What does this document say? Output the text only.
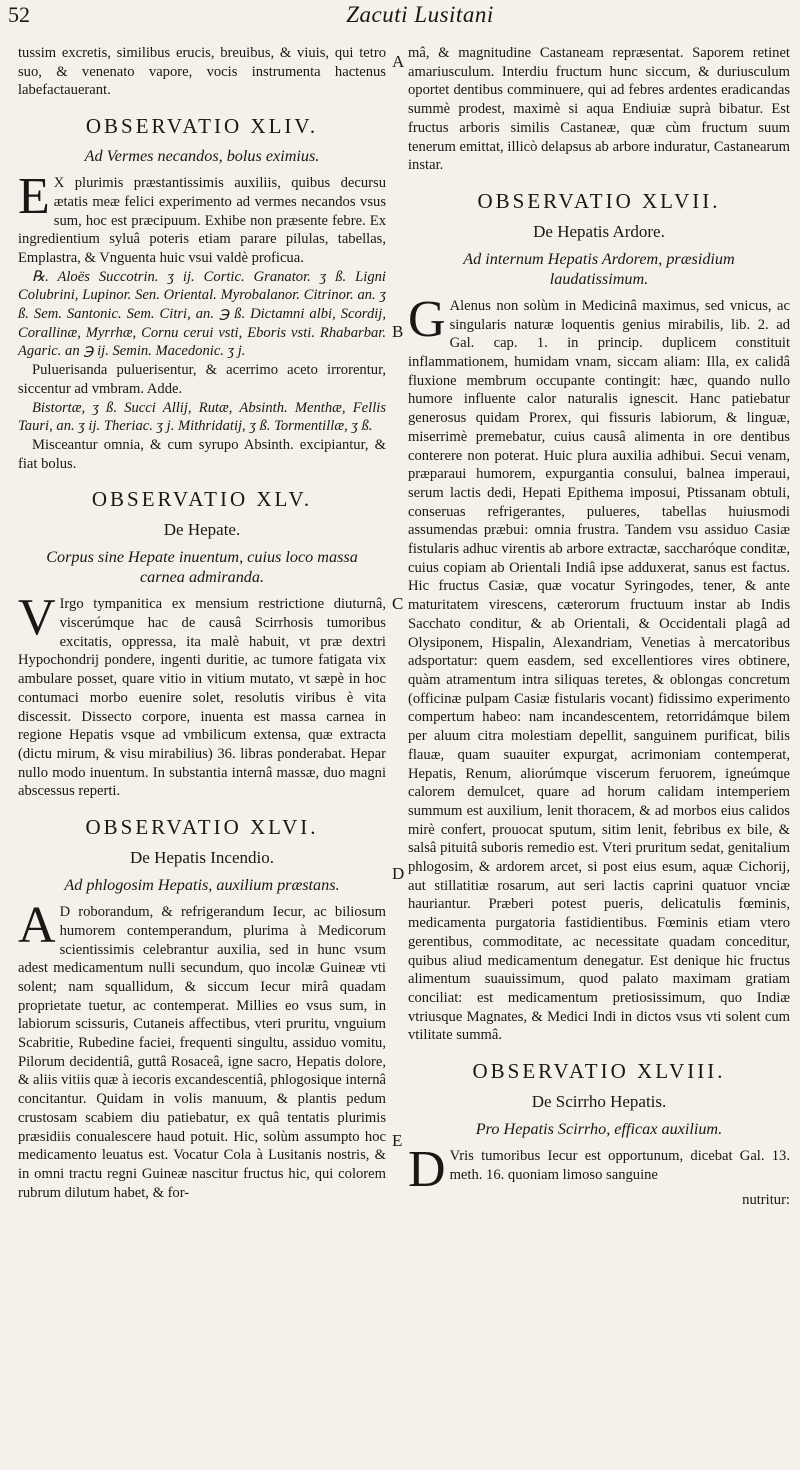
52	Zacuti Lusitani
A
B
C
D
E

tussim excretis, similibus erucis, breuibus, & viuis, qui tetro suo, & venenato vapore, vocis instrumenta hactenus labefactauerant.

OBSERVATIO XLIV.
Ad Vermes necandos, bolus eximius.

E X plurimis præstantissimis auxiliis, quibus decursu ætatis meæ felici experimento ad vermes necandos vsus sum, hoc est præcipuum. Exhibe non præsente febre. Ex ingredientium syluâ poteris etiam parare pilulas, tabellas, Emplastra, & Vnguenta huic vsui valdè proficua.

℞. Aloës Succotrin. ʒ ij. Cortic. Granator. ʒ ß. Ligni Colubrini, Lupinor. Sen. Oriental. Myrobalanor. Citrinor. an. ʒ ß. Sem. Santonic. Sem. Citri, an. ℈ ß. Dictamni albi, Scordij, Corallinæ, Myrrhæ, Cornu cerui vsti, Eboris vsti. Rhabarbar. Agaric. an ℈ ij. Semin. Macedonic. ʒ j.

Puluerisanda puluerisentur, & acerrimo aceto irrorentur, siccentur ad vmbram. Adde.

Bistortæ, ʒ ß. Succi Allij, Rutæ, Absinth. Menthæ, Fellis Tauri, an. ʒ ij. Theriac. ʒ j. Mithridatij, ʒ ß. Tormentillæ, ʒ ß.

Misceantur omnia, & cum syrupo Absinth. excipiantur, & fiat bolus.

OBSERVATIO XLV.
De Hepate.
Corpus sine Hepate inuentum, cuius loco massa carnea admiranda.

V Irgo tympanitica ex mensium restrictione diuturnâ, viscerúmque hac de causâ Scirrhosis tumoribus excitatis, oppressa, ita malè habuit, vt præ dextri Hypochondrij pondere, ingenti duritie, ac tumore fatigata vix ambulare posset, quare vitio in vitium mutato, vt sæpè in hoc contumaci morbo euenire solet, resolutis viribus è vita discessit. Dissecto corpore, inuenta est massa carnea in regione Hepatis vsque ad vmbilicum extensa, quæ extracta (dictu mirum, & visu mirabilius) 36. libras ponderabat. Hepar nullo modo inuentum. In substantia internâ massæ, duo magni abscessus reperti.

OBSERVATIO XLVI.
De Hepatis Incendio.
Ad phlogosim Hepatis, auxilium præstans.

A D roborandum, & refrigerandum Iecur, ac biliosum humorem contemperandum, plurima à Medicorum scientissimis celebrantur auxilia, sed in hunc vsum adest medicamentum nulli secundum, quo incolæ Guineæ vti solent; nam squallidum, & siccum Iecur mirâ quadam proprietate tuetur, ac contemperat. Millies eo vsus sum, in labiorum scissuris, Cutaneis affectibus, vteri pruritu, vnguium Scabritie, Rubedine faciei, frequenti singultu, assiduo vomitu, Pilorum decidentiâ, guttâ Rosaceâ, igne sacro, Hepatis dolore, & aliis vitiis quæ à iecoris excandescentiâ, phlogosique internâ concitantur. Quidam in volis manuum, & plantis pedum crustosam scabiem diu patiebatur, ex quâ tentatis plurimis præsidiis conualescere haud potuit. Hic, solùm assumpto hoc medicamento leuatus est. Vocatur Cola à Lusitanis nostris, & in omni tractu regni Guineæ nascitur fructus hic, qui colorem rubrum dilutum habet, & for-

mâ, & magnitudine Castaneam repræsentat. Saporem retinet amariusculum. Interdiu fructum hunc siccum, & duriusculum oportet dentibus comminuere, qui ad febres ardentes eradicandas summè prodest, maximè si aqua Endiuiæ suprà bibatur. Est fructus arboris similis Castaneæ, quæ cùm fructum suum tenerum emittat, illicò delapsus ab arbore induratur, Castanearum instar.

OBSERVATIO XLVII.
De Hepatis Ardore.
Ad internum Hepatis Ardorem, præsidium laudatissimum.

G Alenus non solùm in Medicinâ maximus, sed vnicus, ac singularis naturæ loquentis genius mirabilis, lib. 2. ad Gal. cap. 1. in princip. duplicem constituit inflammationem, humidam vnam, siccam aliam: Illa, ex calidâ fluxione membrum occupante contingit: hæc, quando nullo humore influente calor naturalis ignescit. Hanc patiebatur generosus quidam Prorex, qui fissuris labiorum, & linguæ, miserrimè premebatur, cuius causâ alimenta in ore dentibus conterere non poterat. Huic plura auxilia adhibui. Secui venam, præparaui humorem, expurgantia consului, balnea imperaui, serum lactis dedi, Hepati Epithema imposui, Ptissanam obtuli, conseruas refrigerantes, pulueres, tabellas huiusmodi assumendas præbui: omnia frustra. Tandem vsu assiduo Casiæ fistularis adhuc virentis ab arbore extractæ, saccharóque conditæ, cuius copiam ab Orientali Indiâ ipse adduxerat, sanus est factus. Hic fructus Casiæ, quæ vocatur Syringodes, tener, & ante maturitatem virescens, cæterorum fructuum instar ab Indis Sacchato conditur, & ab Orientali, & Occidentali plagâ ad Olysiponem, Hispalin, Alexandriam, Venetias à mercatoribus adsportatur: quem easdem, sed excellentiores vires obtinere, quàm atramentum intra siliquas teretes, & oblongas concretum (officinæ pulpam Casiæ fistularis vocant) fidissimo experimento compertum habeo: nam incandescentem, retorridámque bilem per aluum citra molestiam depellit, sanguinem purificat, bilis flauæ, quam suauiter expurgat, acrimoniam contemperat, Hepatis, Renum, aliorúmque viscerum feruorem, igneúmque calorem demulcet, quare ad horum calidam intemperiem summum est auxilium, lenit thoracem, & ad morbos eius calidos mirè confert, prouocat sputum, sitim lenit, febribus ex bile, & salsâ pituitâ suboris remedio est. Vteri pruritum sedat, genitalium phlogosim, & ardorem arcet, si post eius esum, aquæ Cichorij, aut stillatitiæ rosarum, aut seri lactis caprini quatuor vnciæ hauriantur. Præberi potest pueris, delicatulis fœminis, medicamenta purgatoria fastidientibus. Fœminis etiam vtero gerentibus, commoditate, ac necessitate quadam conceditur, quibus aliud medicamentum denegatur. Est denique hic fructus alimentum suauissimum, quod palato maximam gratiam conciliat: est medicamentum pretiosissimum, quo Indiæ vtriusque Magnates, & Medici Indi in dictos vsus vti solent cum vtilitate summâ.

OBSERVATIO XLVIII.
De Scirrho Hepatis.
Pro Hepatis Scirrho, efficax auxilium.

D Vris tumoribus Iecur est opportunum, dicebat Gal. 13. meth. 16. quoniam limoso sanguine

nutritur:
